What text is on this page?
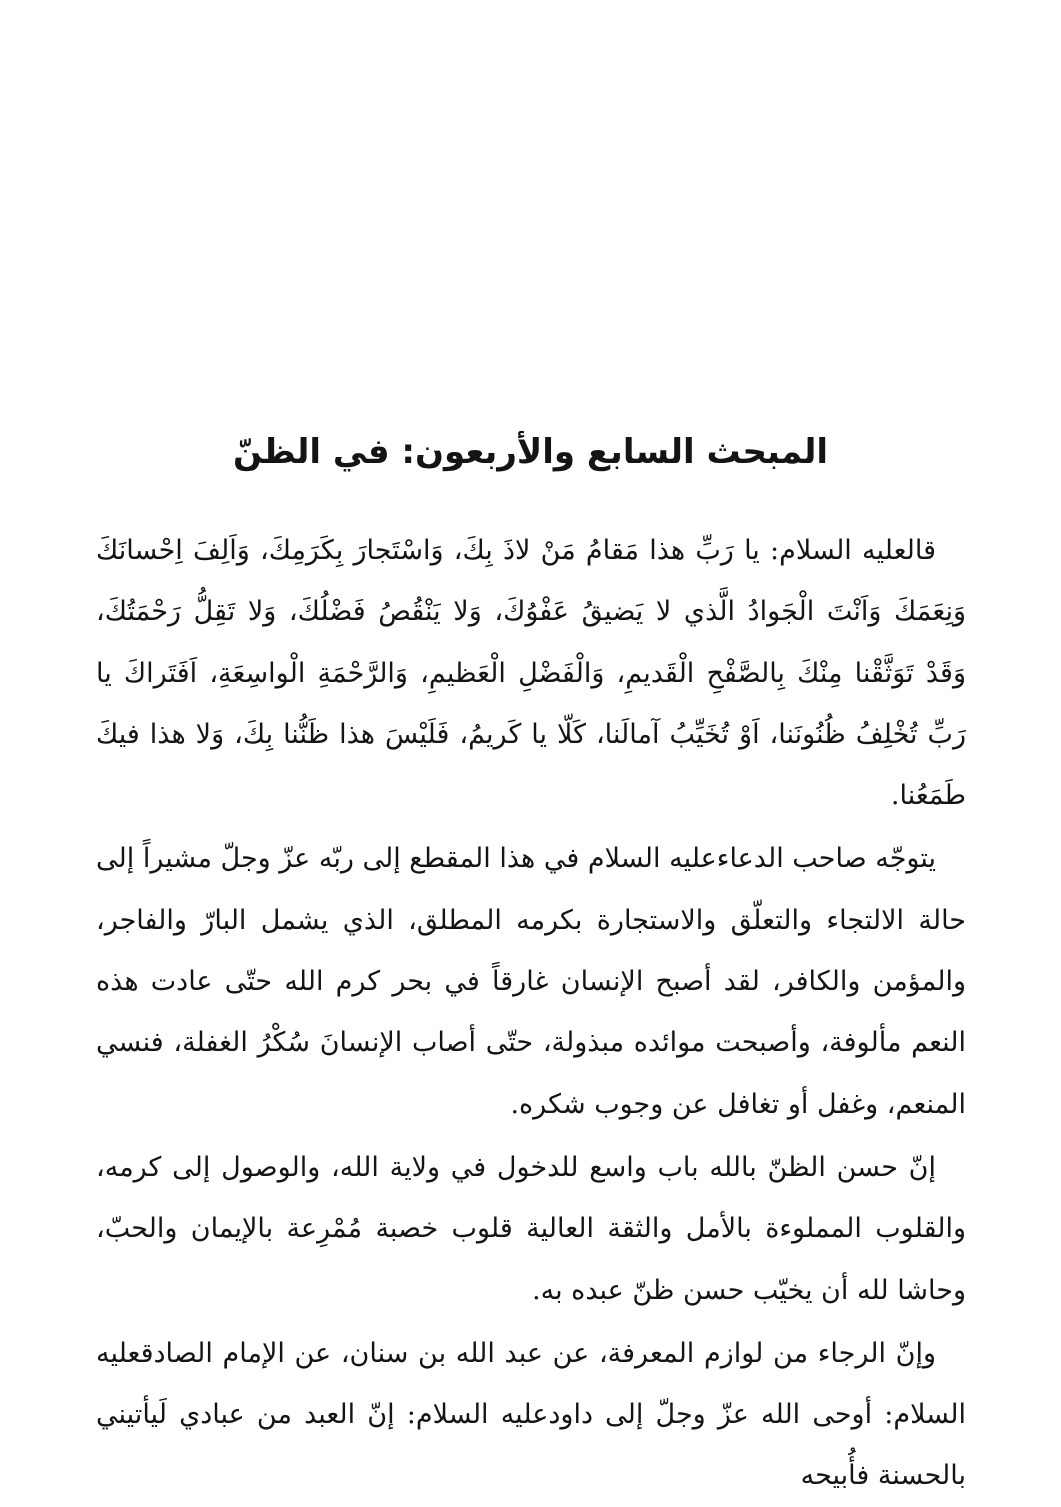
المبحث السابع والأربعون: في الظنّ

قالعليه السلام: يا رَبِّ هذا مَقامُ مَنْ لاذَ بِكَ، وَاسْتَجارَ بِكَرَمِكَ، وَاَلِفَ اِحْسانَكَ وَنِعَمَكَ وَاَنْتَ الْجَوادُ الَّذي لا يَضيقُ عَفْوُكَ، وَلا يَنْقُصُ فَضْلُكَ، وَلا تَقِلُّ رَحْمَتُكَ، وَقَدْ تَوَثَّقْنا مِنْكَ بِالصَّفْحِ الْقَديمِ، وَالْفَضْلِ الْعَظيمِ، وَالرَّحْمَةِ الْواسِعَةِ، اَفَتَراكَ يا رَبِّ تُخْلِفُ ظُنُونَنا، اَوْ تُخَيِّبُ آمالَنا، كَلّا يا كَريمُ، فَلَيْسَ هذا ظَنُّنا بِكَ، وَلا هذا فيكَ طَمَعُنا.

يتوجّه صاحب الدعاءعليه السلام في هذا المقطع إلى ربّه عزّ وجلّ مشيراً إلى حالة الالتجاء والتعلّق والاستجارة بكرمه المطلق، الذي يشمل البارّ والفاجر، والمؤمن والكافر، لقد أصبح الإنسان غارقاً في بحر كرم الله حتّى عادت هذه النعم مألوفة، وأصبحت موائده مبذولة، حتّى أصاب الإنسانَ سُكْرُ الغفلة، فنسي المنعم، وغفل أو تغافل عن وجوب شكره.

إنّ حسن الظنّ بالله باب واسع للدخول في ولاية الله، والوصول إلى كرمه، والقلوب المملوءة بالأمل والثقة العالية قلوب خصبة مُمْرِعة بالإيمان والحبّ، وحاشا لله أن يخيّب حسن ظنّ عبده به.

وإنّ الرجاء من لوازم المعرفة، عن عبد الله بن سنان، عن الإمام الصادقعليه السلام: أوحى الله عزّ وجلّ إلى داودعليه السلام: إنّ العبد من عبادي لَيأتيني بالحسنة فأُبيحه
